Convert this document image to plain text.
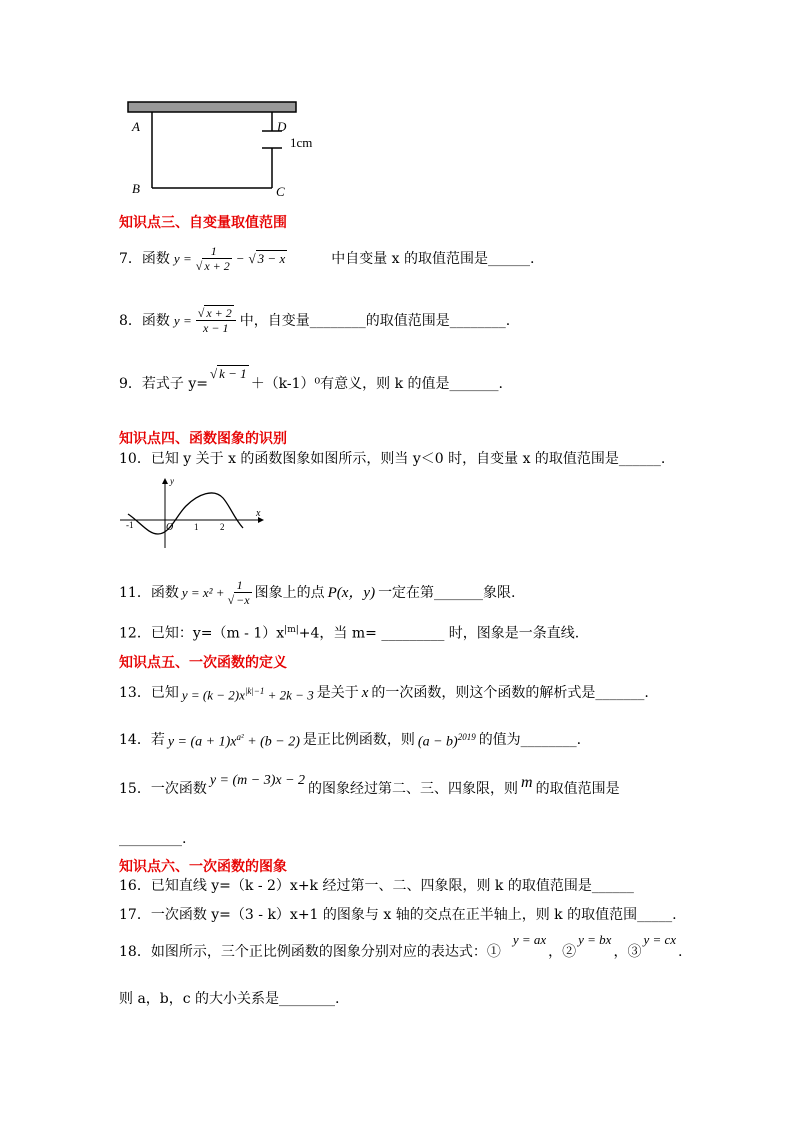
A
B	C
D
1cm
知识点三、自变量取值范围
7．函数 $y = \frac{1}{√ x + 2}$ − √ 3 − x	中自变量 x 的取值范围是______.
8．函数 $y = \frac{√ x + 2}{x - 1}$ 中，自变量________的取值范围是________.
9．若式子 y=
√ k − 1
＋（k-1）⁰有意义，则 k 的值是_______.
知识点四、函数图象的识别
10．已知 y 关于 x 的函数图象如图所示，则当 y＜0 时，自变量 x 的取值范围是______.
y
x
-1	O 1 2
11．函数 $y = x^2 + \frac{1}{√ -x}$ 图象上的点 P(x，y) 一定在第_______象限.
12．已知：$y=(m - 1)x^{|m|}+4$，当 m= _________ 时，图象是一条直线.
知识点五、一次函数的定义
13．已知 $y = (k - 2)x^{|k|-1} + 2k - 3$ 是关于 x 的一次函数，则这个函数的解析式是_______.
14．若 $y = (a + 1)x^{a^2} + (b - 2)$ 是正比例函数，则 $(a - b)^{2019}$ 的值为________.
15．一次函数
y = (m − 3)x − 2
的图象经过第二、三、四象限，则 m 的取值范围是
_________.
知识点六、一次函数的图象
16．已知直线 y=（k - 2）x+k 经过第一、二、四象限，则 k 的取值范围是______
17．一次函数 y=（3 - k）x+1 的图象与 x 轴的交点在正半轴上，则 k 的取值范围_____.
18．如图所示，三个正比例函数的图象分别对应的表达式：①
y = ax
，②
y = bx
，③
y = cx
.
则 a，b，c 的大小关系是________.
